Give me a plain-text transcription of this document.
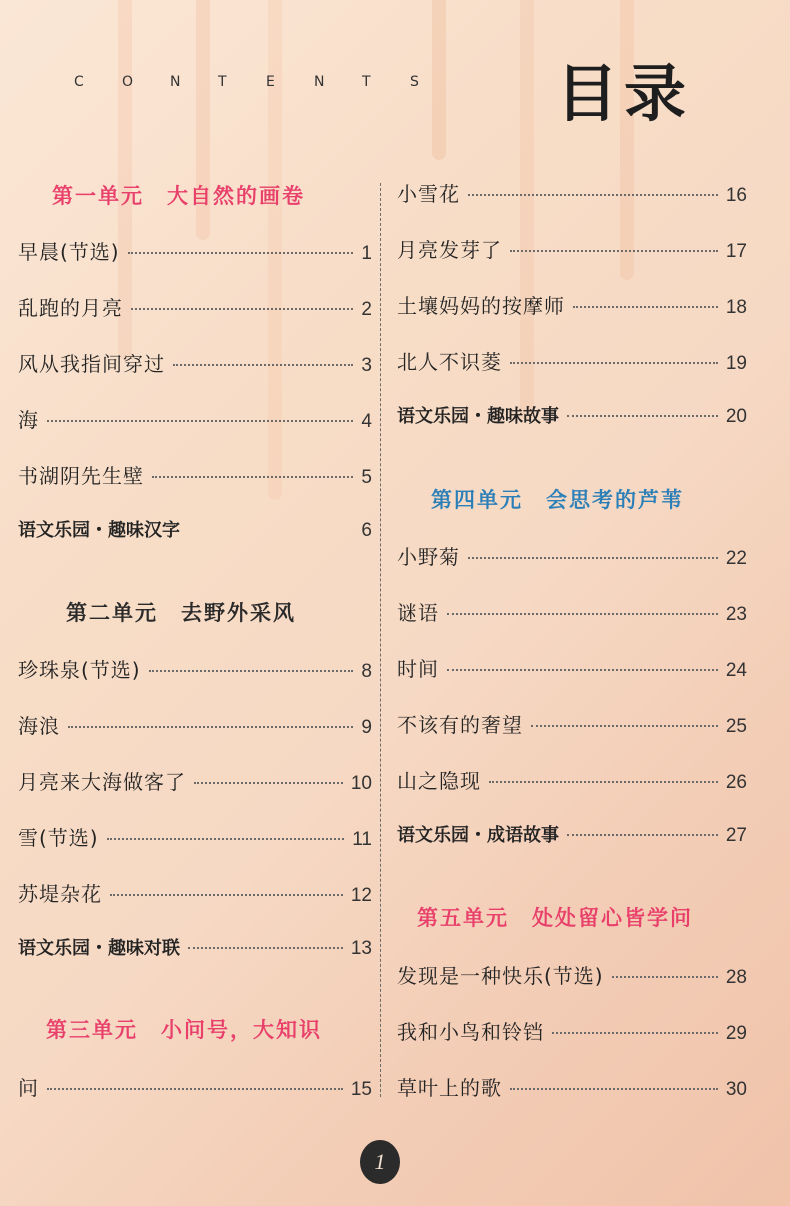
C	O	N	T	E	N	T	S	目录
第一单元　大自然的画卷
早晨(节选)	1
乱跑的月亮	2
风从我指间穿过	3
海	4
书湖阴先生壁	5
语文乐园・趣味汉字	6
第二单元　去野外采风
珍珠泉(节选)	8
海浪	9
月亮来大海做客了	10
雪(节选)	11
苏堤杂花	12
语文乐园・趣味对联	13
第三单元　小问号，大知识
问	15
小雪花	16
月亮发芽了	17
土壤妈妈的按摩师	18
北人不识菱	19
语文乐园・趣味故事	20
第四单元　会思考的芦苇
小野菊	22
谜语	23
时间	24
不该有的奢望	25
山之隐现	26
语文乐园・成语故事	27
第五单元　处处留心皆学问
发现是一种快乐(节选)	28
我和小鸟和铃铛	29
草叶上的歌	30
1
